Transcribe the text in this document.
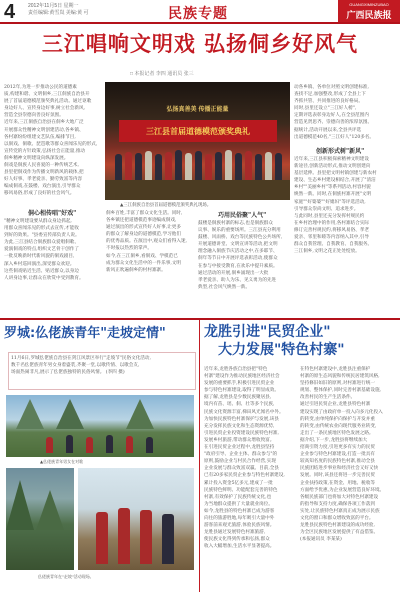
4	2012年11月5日 星期一
责任编辑:黄雪岚 美编:黄 可	民族专题
GUANGXIMINZUBAO
广西民族报
三江唱响文明戏 弘扬侗乡好风气
□ 本报记者 李四 通讯员 张三
2012年,为进一步推动公民的道德素
质,构建和谐、文明侗乡,三江侗族自治县开
展了首届道德模范颁奖典礼活动。通过讴歌
身边好人、宣传身边好事,树立社会新风,
营造全县崇德向善良好氛围。
近年来,三江侗族自治县在侗乡大地广泛
开展群众性精神文明创建活动,各乡镇、
各村寨纷纷组建文艺队伍,编排节目,
以侗戏、侗歌、琵琶歌等群众喜闻乐见的形式,
宣传党的方针政策,弘扬社会正能量,推动
侗乡精神文明建设向纵深发展。
侗戏是侗族人民喜爱的一种传统艺术,
县里把侗戏作为传播文明新风的载体,把
好人好事、孝老爱亲、勤劳致富等内容
编成侗戏,在鼓楼、戏台演出,引导群众
移风易俗,形成了良好的社会风气。
弘扬真善美 传播正能量
三江县首届道德模范颁奖典礼
▲三江侗族自治县首届道德模范颁奖典礼现场。
动各乡镇、各单位对照文明创建标准,
查找不足,加强整改,形成了全县上下
齐抓共管、共同推进的良好格局。
同时,县里还设立"三江好人榜",
定期评选表彰身边好人,在全县范围内
营造见贤思齐、崇德向善的浓厚氛围。
据统计,活动开展以来,全县共评选
出道德模范40名,"三江好人"120多名。
创新形式树"新风"
近年来,三江县积极探索精神文明建设
新途径,创新活动形式,推动文明创建向
基层延伸。县里把文明村镇创建与新农村
建设、生态乡村建设相结合,开展了"清洁
乡村""美丽乡村"等系列活动,村容村貌
焕然一新。同时,在侗族村寨开展"文明
家庭""好婆婆""好媳妇"等评选活动,
引导群众崇尚文明、追求进步。
与此同时,县里还充分发挥村规民约
在乡村治理中的作用,各村寨结合实际
修订完善村规民约,将移风易俗、孝老
爱亲、邻里和睦等内容纳入其中,引导
群众自我管理、自我教育、自我服务。
三江侗乡,文明之花正处处绽放。
侗心相传唱"好戏"
"精神文明建设要从群众身边抓起,
用群众喜闻乐见的形式去宣传,才能收
到好的效果。"县委宣传部负责人说。
为此,三江县结合侗族群众爱唱侗歌、
爱演侗戏的特点,组织文艺骨干创作了
一批反映新时代新风貌的侗戏剧目,
深入乡村巡回演出,深受群众欢迎。
这些侗戏贴近生活、贴近群众,以身边
人讲身边事,让群众在欣赏中受到教育。
侗乡百姓,丰富了群众文化生活。同时,
各乡镇还把道德模范事迹编成侗戏,
通过演出的形式宣传好人好事,让更多
的群众了解身边的道德模范,学习他们
的优秀品质。在演出中,观众们看得入迷,
不时报以热烈的掌声。
如今,在三江侗乡,看侗戏、学模范已
成为群众文化生活中的一件乐事,文明
新风正吹遍侗乡的村村寨寨。
巧用民俗聚"人气"
鼓楼是侗族村寨的标志,也是侗族群众
议事、娱乐的重要场所。三江县充分利用
鼓楼、风雨桥、戏台等民族特色公共场所,
开展道德讲堂、文明宣讲等活动,把文明
理念融入侗族节庆活动之中,在多耶节、
侗年等节日中开展评选表彰活动,使群众
在参与中接受教育,在欢乐中提升素质。
通过活动的开展,侗乡涌现出一大批
孝老爱亲、助人为乐、见义勇为的先进
典型,社会风气焕然一新。
罗城:仫佬族青年"走坡定情"
11月6日,罗城仫佬族自治县在剑江风景区举行"走坡节"民俗文化活动,
数千名仫佬族青年男女身着盛装,齐聚一堂,以歌传情、以歌会友,
场面热闹非凡,展示了仫佬族独特的民俗风情。 (李四 摄)
▲仫佬族青年男女在对歌
仫佬族青年在"走坡"活动现场。
龙胜引进"民贸企业"
大力发展"特色村寨"
近年来,龙胜各族自治县把"特色
村寨"建设作为推动民族地区经济社会
发展的重要抓手,积极引进民贸企业
参与特色村寨建设,取得了明显成效。
据了解,龙胜县是少数民族聚居县,
境内有苗、瑶、侗、壮等多个民族,
民族文化资源丰富,梯田风光闻名中外。
为加快民族特色村寨保护与发展,该县
充分发挥民族文化和生态资源优势,
引进民贸企业投资建设民族特色村寨,
发展乡村旅游,带动群众增收致富。
在引进民贸企业过程中,龙胜县坚持
"政府引导、企业主体、群众参与"的
原则,鼓励企业与村民合作经营,实现
企业发展与群众致富双赢。目前,全县
已有20多家民贸企业参与特色村寨建设,
累计投入资金5亿多元,建成了一批
民族特色鲜明、功能配套完善的特色
村寨,有效保护了民族传统文化,也
为当地群众提供了大量就业岗位。
如今,龙胜县的特色村寨已成为游客
向往的旅游胜地,每年吸引大量中外
游客前来观光旅游,体验民族风情。
龙胜县通过发展特色村寨旅游,
使民族文化得到传承和弘扬,群众
收入大幅增加,生活水平显著提高。
在特色村寨建设中,龙胜县注重保护
村寨的原生态风貌和传统民居建筑风格,
坚持修旧如旧的原则,对村寨进行统一
规划、整体保护,同时完善村寨基础设施,
改善村民的生产生活条件。
通过引进民贸企业,龙胜县特色村寨
建设实现了由政府单一投入向多元化投入
的转变,由单纯保护向保护与开发并重
的转变,由传统农业向现代服务业转变,
走出了一条民族地区特色发展之路。
据介绍,下一步,龙胜县将继续加大
招商引资力度,引进更多有实力的民贸
企业参与特色村寨建设,打造一批具有
较高知名度的民族特色村寨,推动全县
民族团结进步事业和经济社会又好又快
发展。同时,该县还将进一步完善民贸
企业扶持政策,在资金、用地、税收等
方面给予优惠,为企业发展营造良好环境。
各级民族部门也将加大对特色村寨建设
的指导和支持力度,确保各项工作落到
实处,让民族特色村寨真正成为展示民族
文化的窗口和群众增收致富的平台。
龙胜县民族特色村寨建设的成功经验,
为全区民族地区发展提供了有益借鉴。
(本报通讯员 李某某)
